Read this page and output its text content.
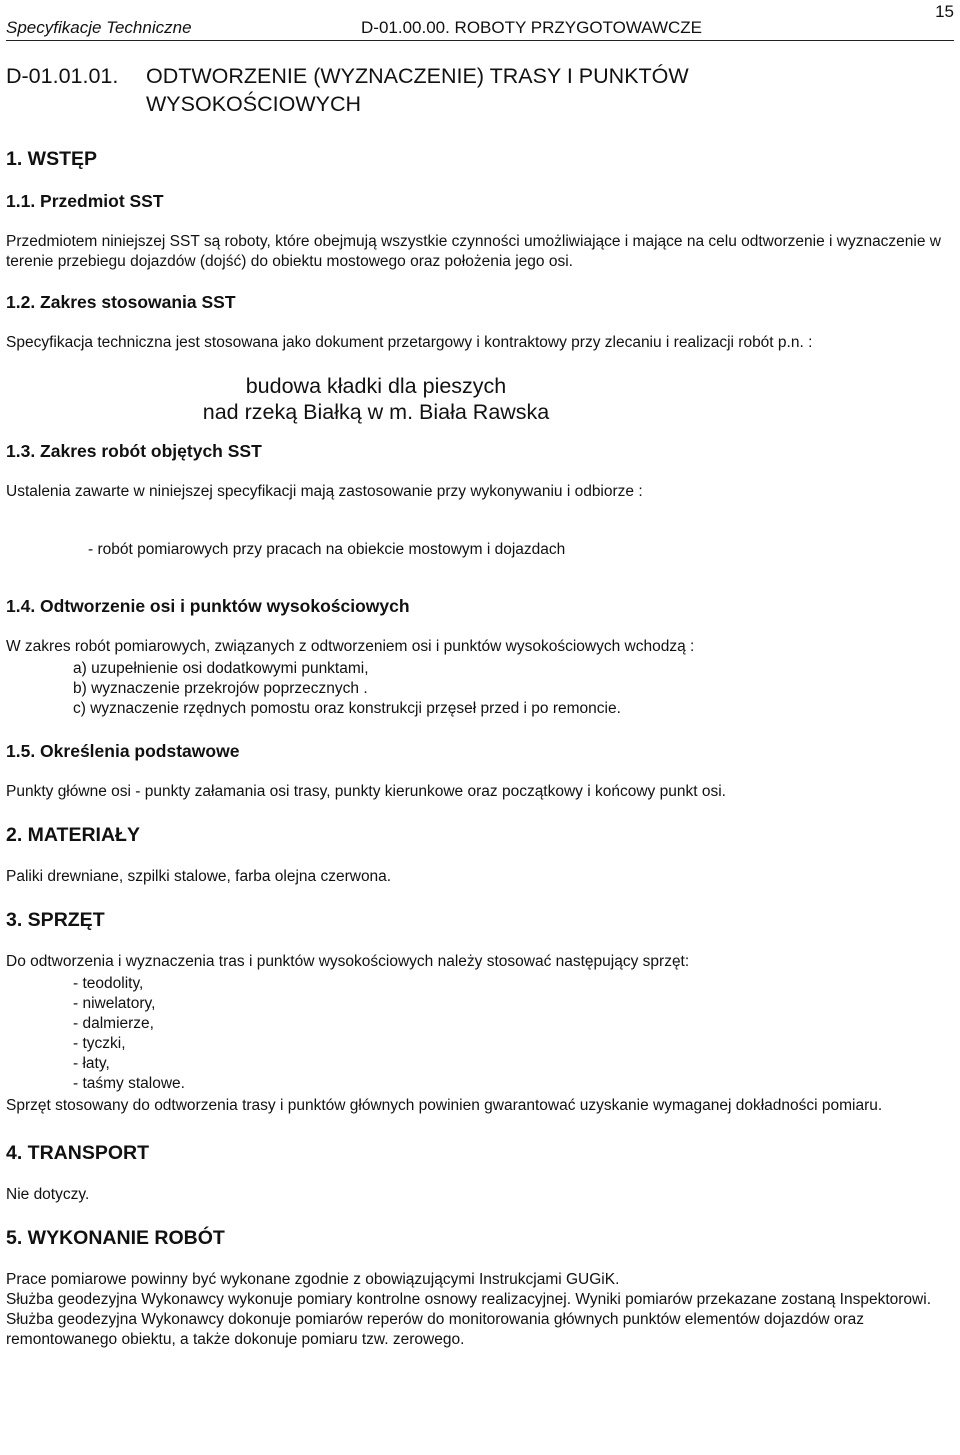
Specyfikacje Techniczne	D-01.00.00. ROBOTY PRZYGOTOWAWCZE
15
D-01.01.01.	ODTWORZENIE (WYZNACZENIE) TRASY I PUNKTÓW
WYSOKOŚCIOWYCH
1. WSTĘP
1.1. Przedmiot SST

Przedmiotem niniejszej SST są roboty, które obejmują wszystkie czynności umożliwiające i mające na celu odtworzenie i wyznaczenie w terenie przebiegu dojazdów (dojść) do obiektu mostowego oraz położenia jego osi.

1.2. Zakres stosowania SST

Specyfikacja techniczna jest stosowana jako dokument przetargowy i kontraktowy przy zlecaniu i realizacji robót p.n. :

budowa kładki dla pieszych
nad rzeką Białką w m. Biała Rawska
1.3. Zakres robót objętych SST

Ustalenia zawarte w niniejszej specyfikacji mają zastosowanie przy wykonywaniu i odbiorze :

- robót pomiarowych przy pracach na obiekcie mostowym i dojazdach

1.4. Odtworzenie osi i punktów wysokościowych

W zakres robót pomiarowych, związanych z odtworzeniem osi i punktów wysokościowych wchodzą :

a) uzupełnienie osi dodatkowymi punktami,
b) wyznaczenie przekrojów poprzecznych .
c) wyznaczenie rzędnych pomostu oraz konstrukcji przęseł przed i po remoncie.
1.5. Określenia podstawowe

Punkty główne osi - punkty załamania osi trasy, punkty kierunkowe oraz początkowy i końcowy punkt osi.

2. MATERIAŁY

Paliki drewniane, szpilki stalowe, farba olejna czerwona.

3. SPRZĘT

Do odtworzenia i wyznaczenia tras i punktów wysokościowych należy stosować następujący sprzęt:

- teodolity,
- niwelatory,
- dalmierze,
- tyczki,
- łaty,
- taśmy stalowe.

Sprzęt stosowany do odtworzenia trasy i punktów głównych powinien gwarantować uzyskanie wymaganej dokładności pomiaru.

4. TRANSPORT

Nie dotyczy.

5. WYKONANIE ROBÓT

Prace pomiarowe powinny być wykonane zgodnie z obowiązującymi Instrukcjami GUGiK.

Służba geodezyjna Wykonawcy wykonuje pomiary kontrolne osnowy realizacyjnej. Wyniki pomiarów przekazane zostaną Inspektorowi.

Służba geodezyjna Wykonawcy dokonuje pomiarów reperów do monitorowania głównych punktów elementów dojazdów oraz remontowanego obiektu, a także dokonuje pomiaru tzw. zerowego.
